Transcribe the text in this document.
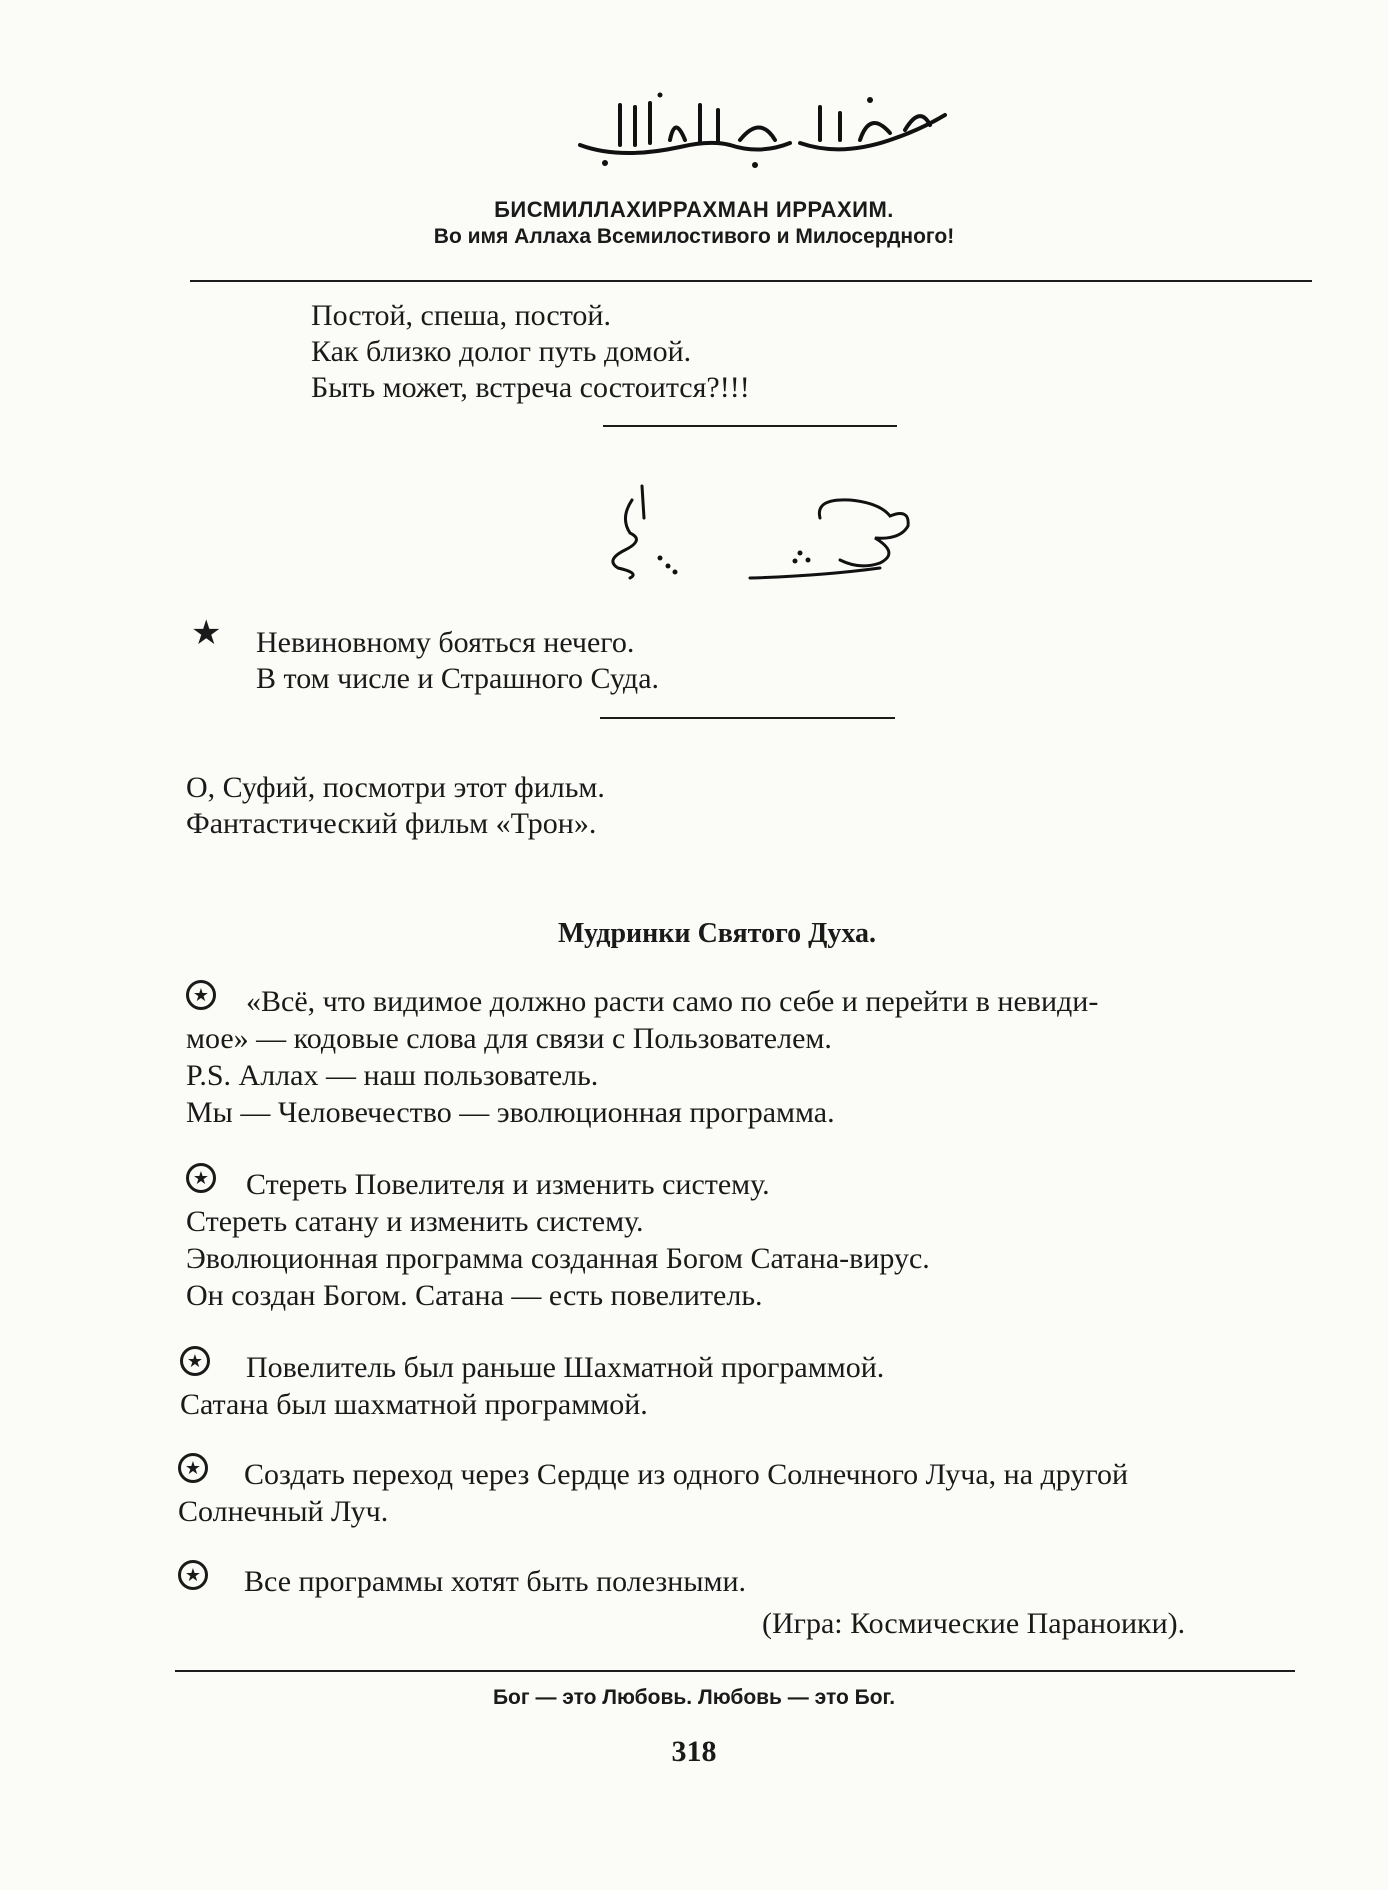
БИСМИЛЛАХИРРАХМАН ИРРАХИМ.
Во имя Аллаха Всемилостивого и Милосердного!
Постой, спеша, постой.
Как близко долог путь домой.
Быть может, встреча состоится?!!!
★ Невиновному бояться нечего.
В том числе и Страшного Суда.
О, Суфий, посмотри этот фильм.
Фантастический фильм «Трон».
Мудринки Святого Духа.
★	«Всё, что видимое должно расти само по себе и перейти в невиди-
мое» — кодовые слова для связи с Пользователем.
P.S. Аллах — наш пользователь.
Мы — Человечество — эволюционная программа.
★	Стереть Повелителя и изменить систему.
Стереть сатану и изменить систему.
Эволюционная программа созданная Богом Сатана-вирус.
Он создан Богом. Сатана — есть повелитель.
★	Повелитель был раньше Шахматной программой.
Сатана был шахматной программой.
★	Создать переход через Сердце из одного Солнечного Луча, на другой
Солнечный Луч.
★	Все программы хотят быть полезными.
(Игра: Космические Параноики).
Бог — это Любовь. Любовь — это Бог.
318
